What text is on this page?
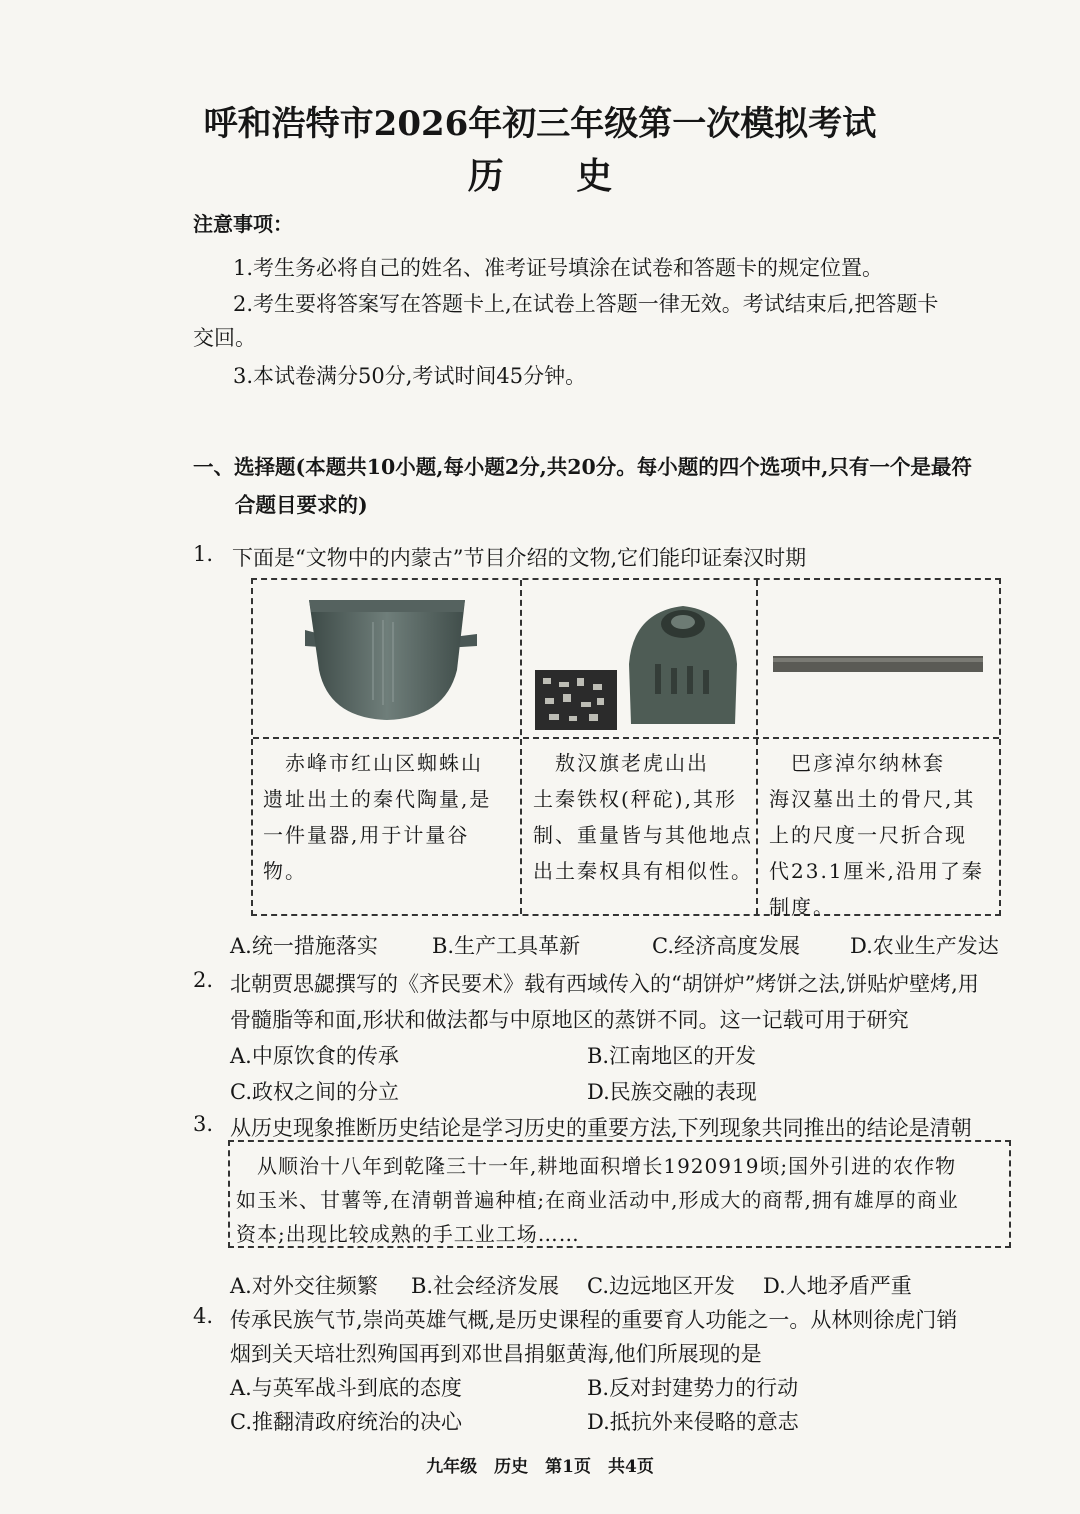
呼和浩特市2026年初三年级第一次模拟考试
历 史
注意事项：
1.考生务必将自己的姓名、准考证号填涂在试卷和答题卡的规定位置。
2.考生要将答案写在答题卡上,在试卷上答题一律无效。考试结束后,把答题卡
交回。
3.本试卷满分50分,考试时间45分钟。
一、选择题(本题共10小题,每小题2分,共20分。每小题的四个选项中,只有一个是最符
合题目要求的)
1. 下面是“文物中的内蒙古”节目介绍的文物,它们能印证秦汉时期
　赤峰市红山区蜘蛛山
遗址出土的秦代陶量,是
一件量器,用于计量谷物。
　敖汉旗老虎山出
土秦铁权(秤砣),其形
制、重量皆与其他地点
出土秦权具有相似性。
　巴彦淖尔纳林套
海汉墓出土的骨尺,其
上的尺度一尺折合现
代23.1厘米,沿用了秦
制度。
A.统一措施落实	B.生产工具革新	C.经济高度发展 D.农业生产发达
2. 北朝贾思勰撰写的《齐民要术》载有西域传入的“胡饼炉”烤饼之法,饼贴炉壁烤,用
骨髓脂等和面,形状和做法都与中原地区的蒸饼不同。这一记载可用于研究
A.中原饮食的传承	B.江南地区的开发
C.政权之间的分立	D.民族交融的表现
3. 从历史现象推断历史结论是学习历史的重要方法,下列现象共同推出的结论是清朝
　从顺治十八年到乾隆三十一年,耕地面积增长1920919顷;国外引进的农作物
如玉米、甘薯等,在清朝普遍种植;在商业活动中,形成大的商帮,拥有雄厚的商业
资本;出现比较成熟的手工业工场……
A.对外交往频繁 B.社会经济发展 C.边远地区开发 D.人地矛盾严重
4. 传承民族气节,崇尚英雄气概,是历史课程的重要育人功能之一。从林则徐虎门销
烟到关天培壮烈殉国再到邓世昌捐躯黄海,他们所展现的是
A.与英军战斗到底的态度	B.反对封建势力的行动
C.推翻清政府统治的决心	D.抵抗外来侵略的意志
九年级　历史　第1页　共4页
